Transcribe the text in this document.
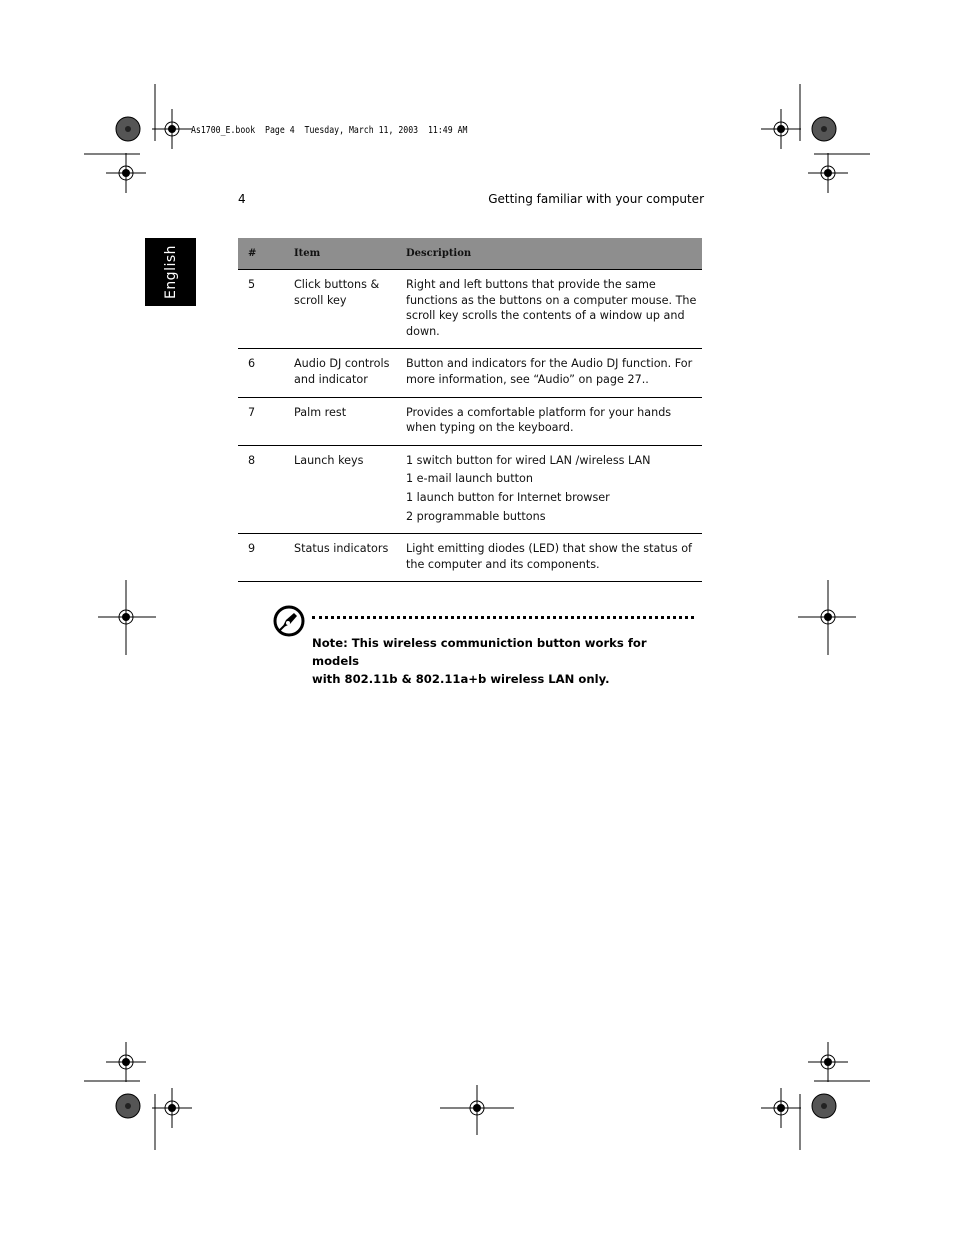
As1700_E.book  Page 4  Tuesday, March 11, 2003  11:49 AM
4	Getting familiar with your computer
English	#	Item	Description
5	Click buttons & scroll key	Right and left buttons that provide the same functions as the buttons on a computer mouse. The scroll key scrolls the contents of a window up and down.

6	Audio DJ controls and indicator	Button and indicators for the Audio DJ function. For more information, see “Audio” on page 27..

7	Palm rest	Provides a comfortable platform for your hands when typing on the keyboard.

8	Launch keys	1 switch button for wired LAN /wireless LAN
1 e-mail launch button
1 launch button for Internet browser
2 programmable buttons

9	Status indicators	Light emitting diodes (LED) that show the status of the computer and its components.
Note: This wireless communiction button works for models
with 802.11b & 802.11a+b wireless LAN only.
